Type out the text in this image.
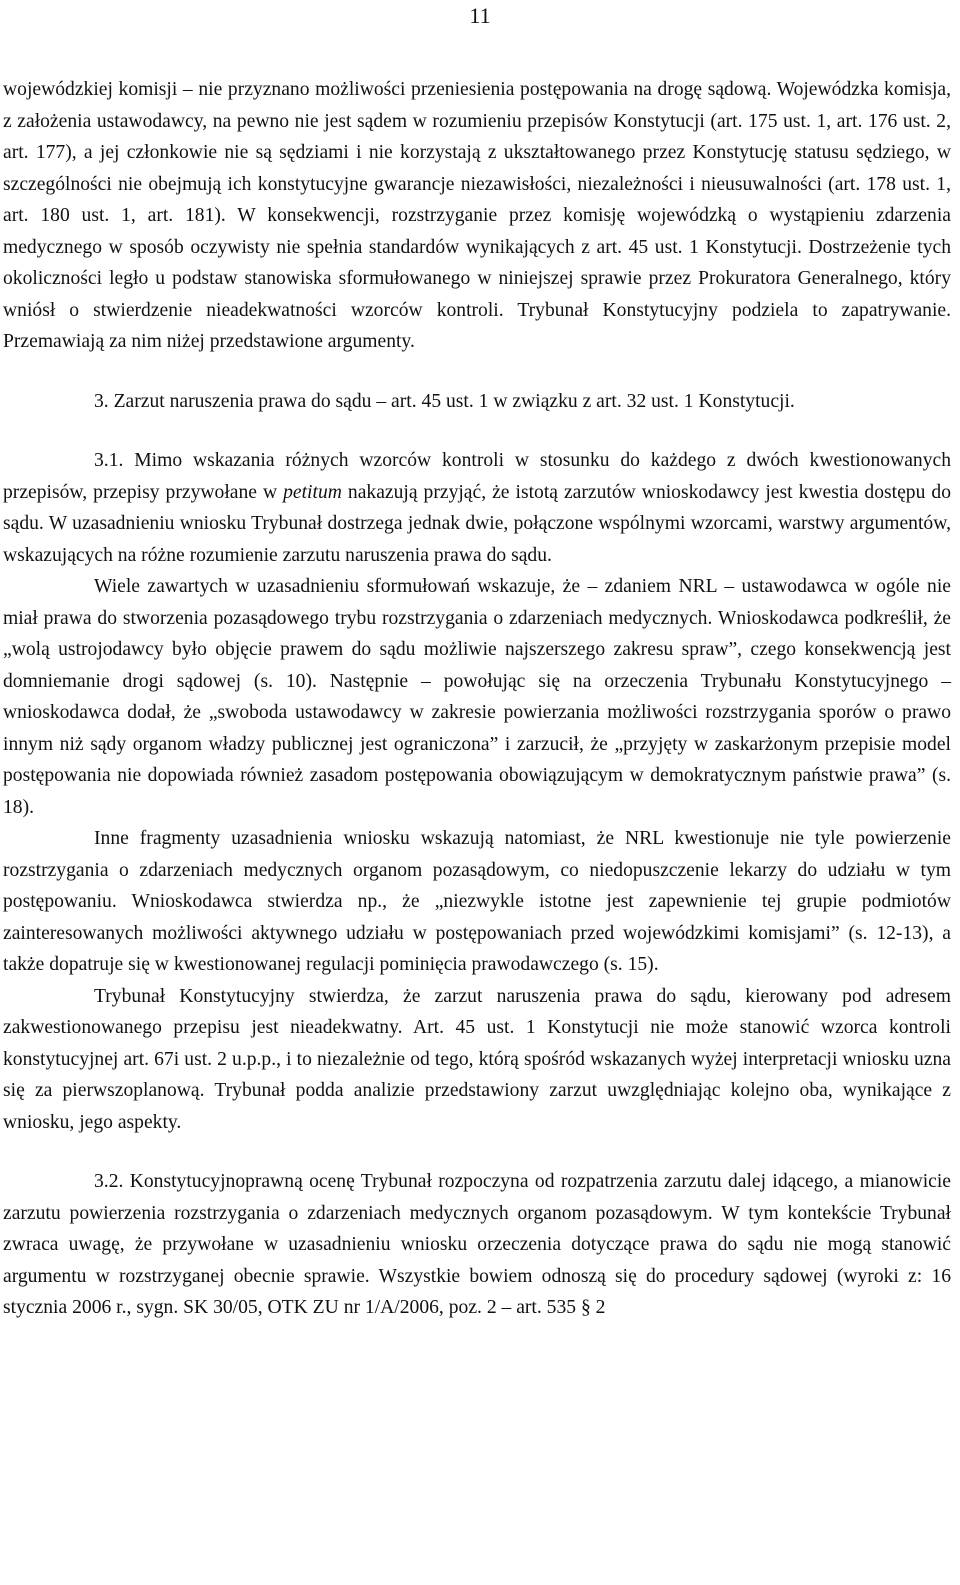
11

wojewódzkiej komisji – nie przyznano możliwości przeniesienia postępowania na drogę sądową. Wojewódzka komisja, z założenia ustawodawcy, na pewno nie jest sądem w rozumieniu przepisów Konstytucji (art. 175 ust. 1, art. 176 ust. 2, art. 177), a jej członkowie nie są sędziami i nie korzystają z ukształtowanego przez Konstytucję statusu sędziego, w szczególności nie obejmują ich konstytucyjne gwarancje niezawisłości, niezależności i nieusuwalności (art. 178 ust. 1, art. 180 ust. 1, art. 181). W konsekwencji, rozstrzyganie przez komisję wojewódzką o wystąpieniu zdarzenia medycznego w sposób oczywisty nie spełnia standardów wynikających z art. 45 ust. 1 Konstytucji. Dostrzeżenie tych okoliczności legło u podstaw stanowiska sformułowanego w niniejszej sprawie przez Prokuratora Generalnego, który wniósł o stwierdzenie nieadekwatności wzorców kontroli. Trybunał Konstytucyjny podziela to zapatrywanie. Przemawiają za nim niżej przedstawione argumenty.

3. Zarzut naruszenia prawa do sądu – art. 45 ust. 1 w związku z art. 32 ust. 1 Konstytucji.

3.1. Mimo wskazania różnych wzorców kontroli w stosunku do każdego z dwóch kwestionowanych przepisów, przepisy przywołane w petitum nakazują przyjąć, że istotą zarzutów wnioskodawcy jest kwestia dostępu do sądu. W uzasadnieniu wniosku Trybunał dostrzega jednak dwie, połączone wspólnymi wzorcami, warstwy argumentów, wskazujących na różne rozumienie zarzutu naruszenia prawa do sądu.

Wiele zawartych w uzasadnieniu sformułowań wskazuje, że – zdaniem NRL – ustawodawca w ogóle nie miał prawa do stworzenia pozasądowego trybu rozstrzygania o zdarzeniach medycznych. Wnioskodawca podkreślił, że „wolą ustrojodawcy było objęcie prawem do sądu możliwie najszerszego zakresu spraw”, czego konsekwencją jest domniemanie drogi sądowej (s. 10). Następnie – powołując się na orzeczenia Trybunału Konstytucyjnego – wnioskodawca dodał, że „swoboda ustawodawcy w zakresie powierzania możliwości rozstrzygania sporów o prawo innym niż sądy organom władzy publicznej jest ograniczona” i zarzucił, że „przyjęty w zaskarżonym przepisie model postępowania nie dopowiada również zasadom postępowania obowiązującym w demokratycznym państwie prawa” (s. 18).

Inne fragmenty uzasadnienia wniosku wskazują natomiast, że NRL kwestionuje nie tyle powierzenie rozstrzygania o zdarzeniach medycznych organom pozasądowym, co niedopuszczenie lekarzy do udziału w tym postępowaniu. Wnioskodawca stwierdza np., że „niezwykle istotne jest zapewnienie tej grupie podmiotów zainteresowanych możliwości aktywnego udziału w postępowaniach przed wojewódzkimi komisjami” (s. 12-13), a także dopatruje się w kwestionowanej regulacji pominięcia prawodawczego (s. 15).

Trybunał Konstytucyjny stwierdza, że zarzut naruszenia prawa do sądu, kierowany pod adresem zakwestionowanego przepisu jest nieadekwatny. Art. 45 ust. 1 Konstytucji nie może stanowić wzorca kontroli konstytucyjnej art. 67i ust. 2 u.p.p., i to niezależnie od tego, którą spośród wskazanych wyżej interpretacji wniosku uzna się za pierwszoplanową. Trybunał podda analizie przedstawiony zarzut uwzględniając kolejno oba, wynikające z wniosku, jego aspekty.

3.2. Konstytucyjnoprawną ocenę Trybunał rozpoczyna od rozpatrzenia zarzutu dalej idącego, a mianowicie zarzutu powierzenia rozstrzygania o zdarzeniach medycznych organom pozasądowym. W tym kontekście Trybunał zwraca uwagę, że przywołane w uzasadnieniu wniosku orzeczenia dotyczące prawa do sądu nie mogą stanowić argumentu w rozstrzyganej obecnie sprawie. Wszystkie bowiem odnoszą się do procedury sądowej (wyroki z: 16 stycznia 2006 r., sygn. SK 30/05, OTK ZU nr 1/A/2006, poz. 2 – art. 535 § 2
